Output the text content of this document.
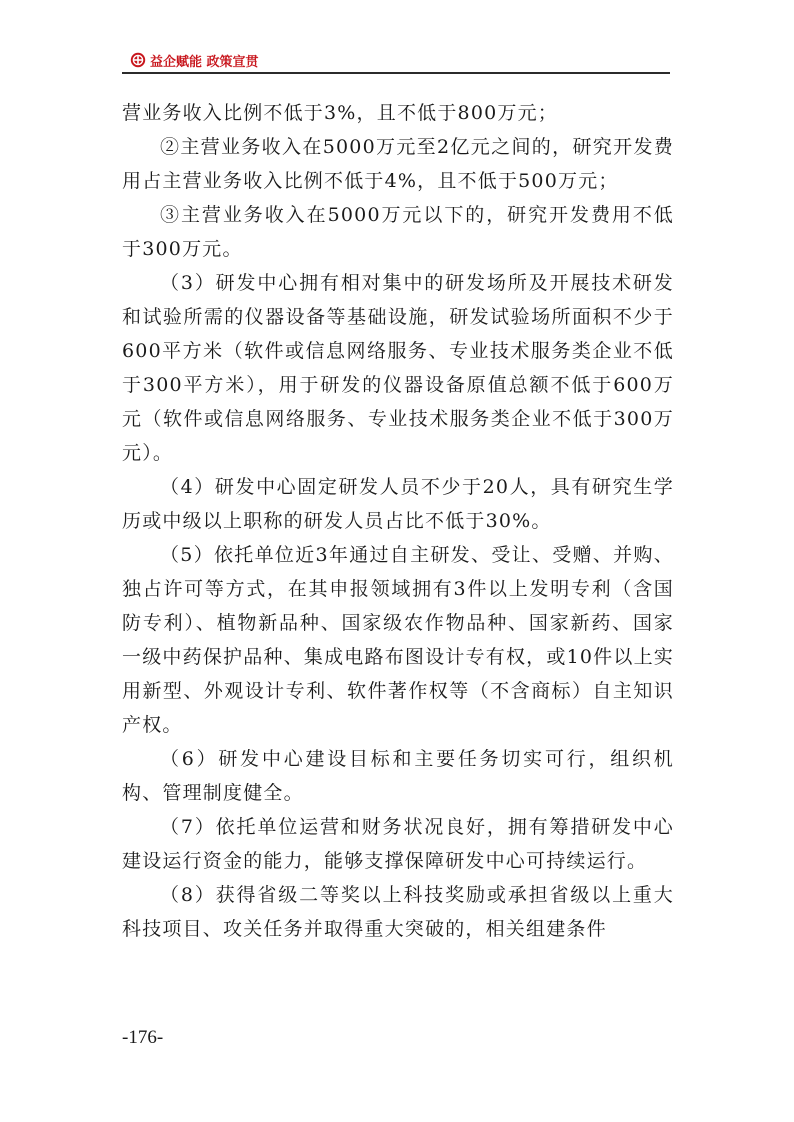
益企赋能 政策宣贯

营业务收入比例不低于3%，且不低于800万元；

②主营业务收入在5000万元至2亿元之间的，研究开发费用占主营业务收入比例不低于4%，且不低于500万元；

③主营业务收入在5000万元以下的，研究开发费用不低于300万元。

（3）研发中心拥有相对集中的研发场所及开展技术研发和试验所需的仪器设备等基础设施，研发试验场所面积不少于600平方米（软件或信息网络服务、专业技术服务类企业不低于300平方米），用于研发的仪器设备原值总额不低于600万元（软件或信息网络服务、专业技术服务类企业不低于300万元）。

（4）研发中心固定研发人员不少于20人，具有研究生学历或中级以上职称的研发人员占比不低于30%。

（5）依托单位近3年通过自主研发、受让、受赠、并购、独占许可等方式，在其申报领域拥有3件以上发明专利（含国防专利）、植物新品种、国家级农作物品种、国家新药、国家一级中药保护品种、集成电路布图设计专有权，或10件以上实用新型、外观设计专利、软件著作权等（不含商标）自主知识产权。

（6）研发中心建设目标和主要任务切实可行，组织机构、管理制度健全。

（7）依托单位运营和财务状况良好，拥有筹措研发中心建设运行资金的能力，能够支撑保障研发中心可持续运行。

（8）获得省级二等奖以上科技奖励或承担省级以上重大科技项目、攻关任务并取得重大突破的，相关组建条件

-176-
